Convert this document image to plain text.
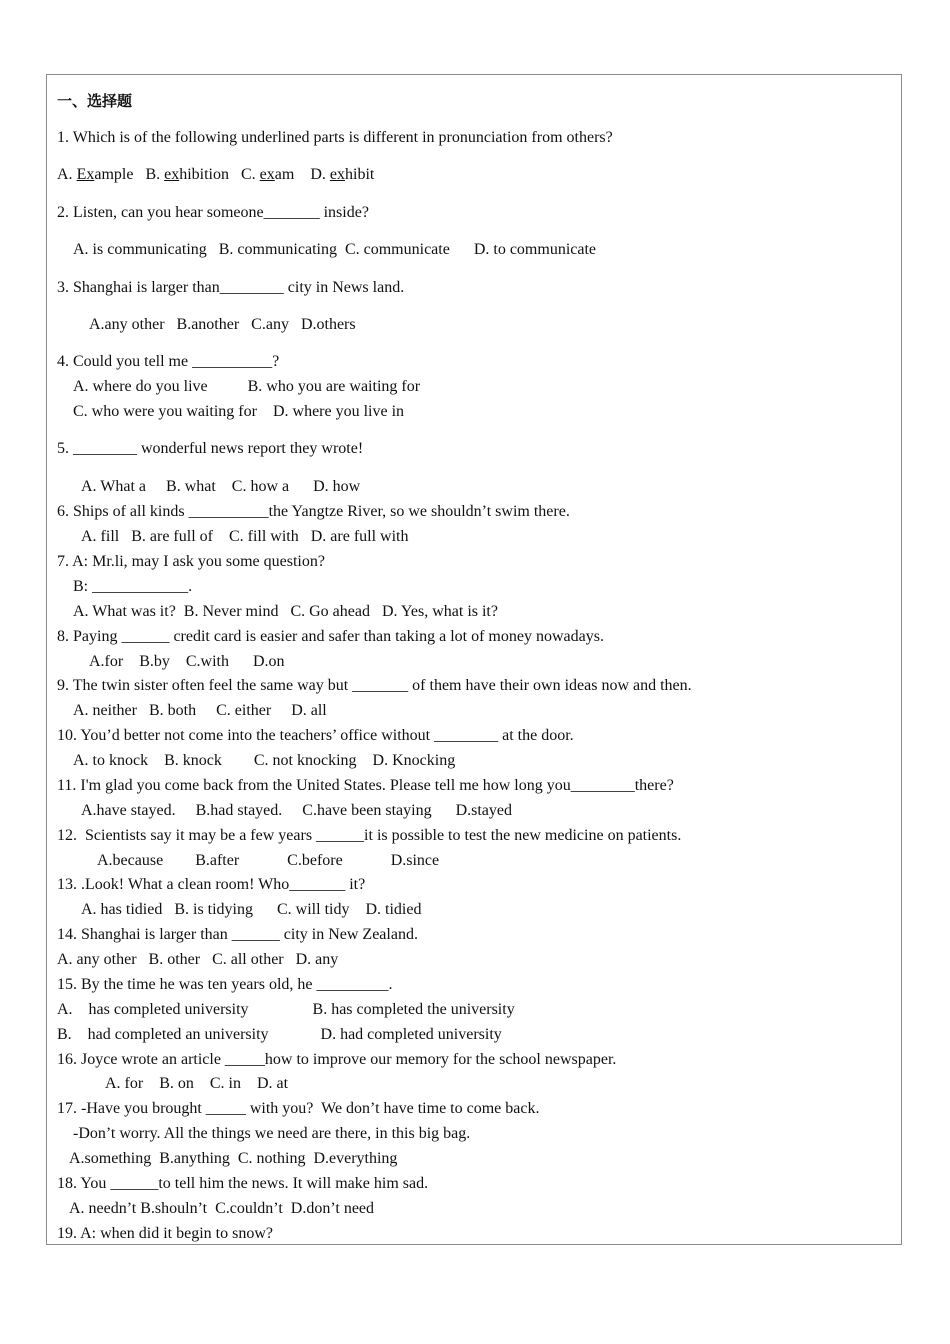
一、选择题
1. Which is of the following underlined parts is different in pronunciation from others?
A. Example   B. exhibition   C. exam    D. exhibit
2. Listen, can you hear someone_______ inside?
A. is communicating   B. communicating  C. communicate      D. to communicate
3. Shanghai is larger than________ city in News land.
A.any other   B.another   C.any   D.others
4. Could you tell me __________?
A. where do you live          B. who you are waiting for
C. who were you waiting for    D. where you live in
5. ________ wonderful news report they wrote!
A. What a     B. what    C. how a      D. how
6. Ships of all kinds __________the Yangtze River, so we shouldn’t swim there.
A. fill   B. are full of    C. fill with   D. are full with
7. A: Mr.li, may I ask you some question?
B: ____________.
A. What was it?  B. Never mind   C. Go ahead   D. Yes, what is it?
8. Paying ______ credit card is easier and safer than taking a lot of money nowadays.
A.for    B.by    C.with      D.on
9. The twin sister often feel the same way but _______ of them have their own ideas now and then.
A. neither   B. both     C. either     D. all
10. You’d better not come into the teachers’ office without ________ at the door.
A. to knock    B. knock        C. not knocking    D. Knocking
11. I'm glad you come back from the United States. Please tell me how long you________there?
A.have stayed.     B.had stayed.     C.have been staying      D.stayed
12.  Scientists say it may be a few years ______it is possible to test the new medicine on patients.
A.because        B.after            C.before            D.since
13. .Look! What a clean room! Who_______ it?
A. has tidied   B. is tidying      C. will tidy    D. tidied
14. Shanghai is larger than ______ city in New Zealand.
A. any other   B. other   C. all other   D. any
15. By the time he was ten years old, he _________.
A.    has completed university                B. has completed the university
B.    had completed an university             D. had completed university
16. Joyce wrote an article _____how to improve our memory for the school newspaper.
A. for    B. on    C. in    D. at
17. -Have you brought _____ with you?  We don’t have time to come back.
-Don’t worry. All the things we need are there, in this big bag.
A.something  B.anything  C. nothing  D.everything
18. You ______to tell him the news. It will make him sad.
A. needn’t B.shouln’t  C.couldn’t  D.don’t need
19. A: when did it begin to snow?
